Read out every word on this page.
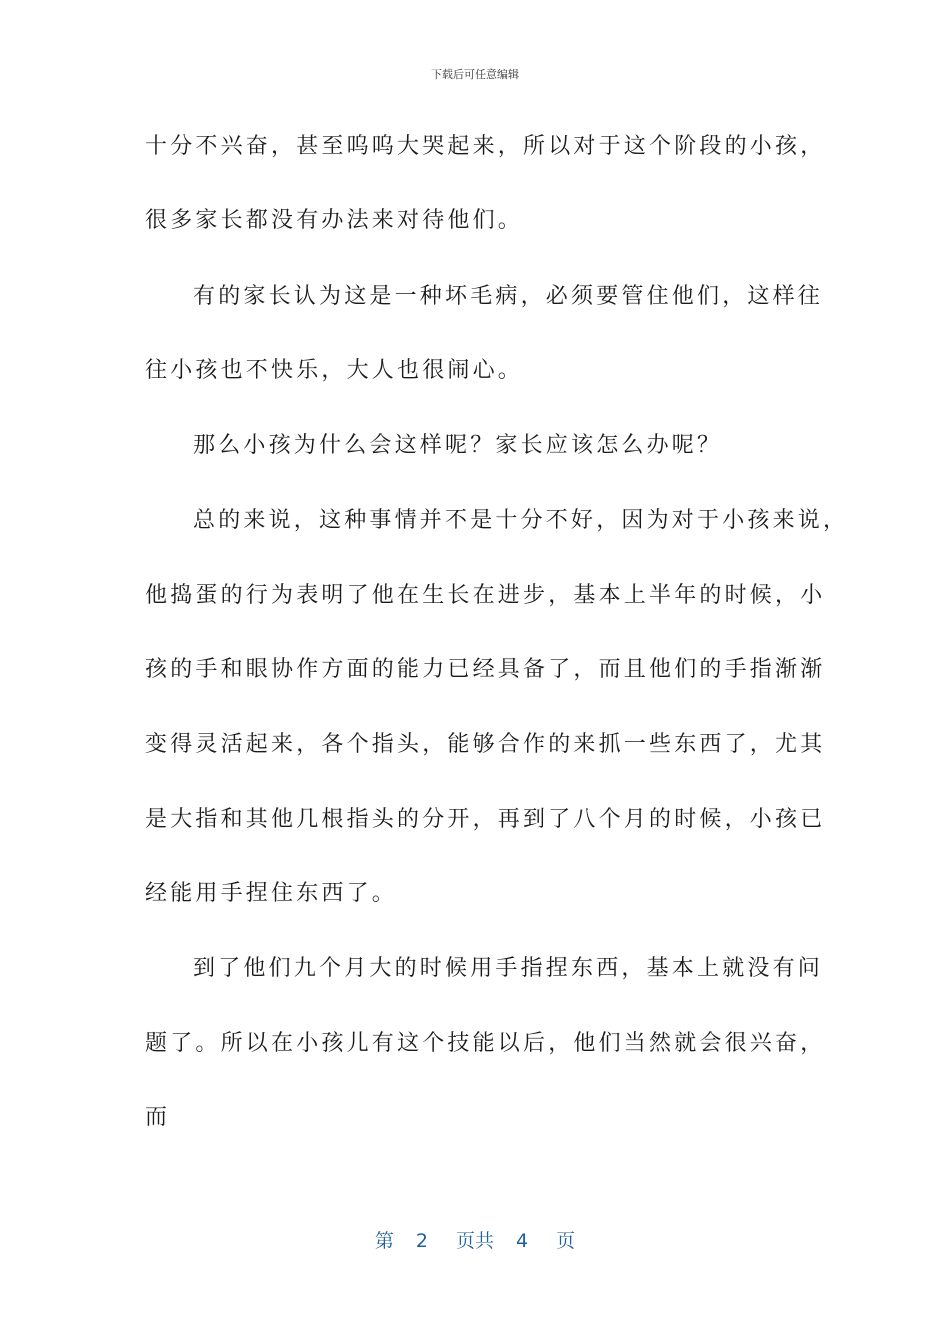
下载后可任意编辑
十分不兴奋，甚至呜呜大哭起来，所以对于这个阶段的小孩，
很多家长都没有办法来对待他们。
有的家长认为这是一种坏毛病，必须要管住他们，这样往
往小孩也不快乐，大人也很闹心。
那么小孩为什么会这样呢？家长应该怎么办呢？
总的来说，这种事情并不是十分不好，因为对于小孩来说，
他捣蛋的行为表明了他在生长在进步，基本上半年的时候，小
孩的手和眼协作方面的能力已经具备了，而且他们的手指渐渐
变得灵活起来，各个指头，能够合作的来抓一些东西了，尤其
是大指和其他几根指头的分开，再到了八个月的时候，小孩已
经能用手捏住东西了。
到了他们九个月大的时候用手指捏东西，基本上就没有问
题了。所以在小孩儿有这个技能以后，他们当然就会很兴奋，
而
第 2 页共 4 页
